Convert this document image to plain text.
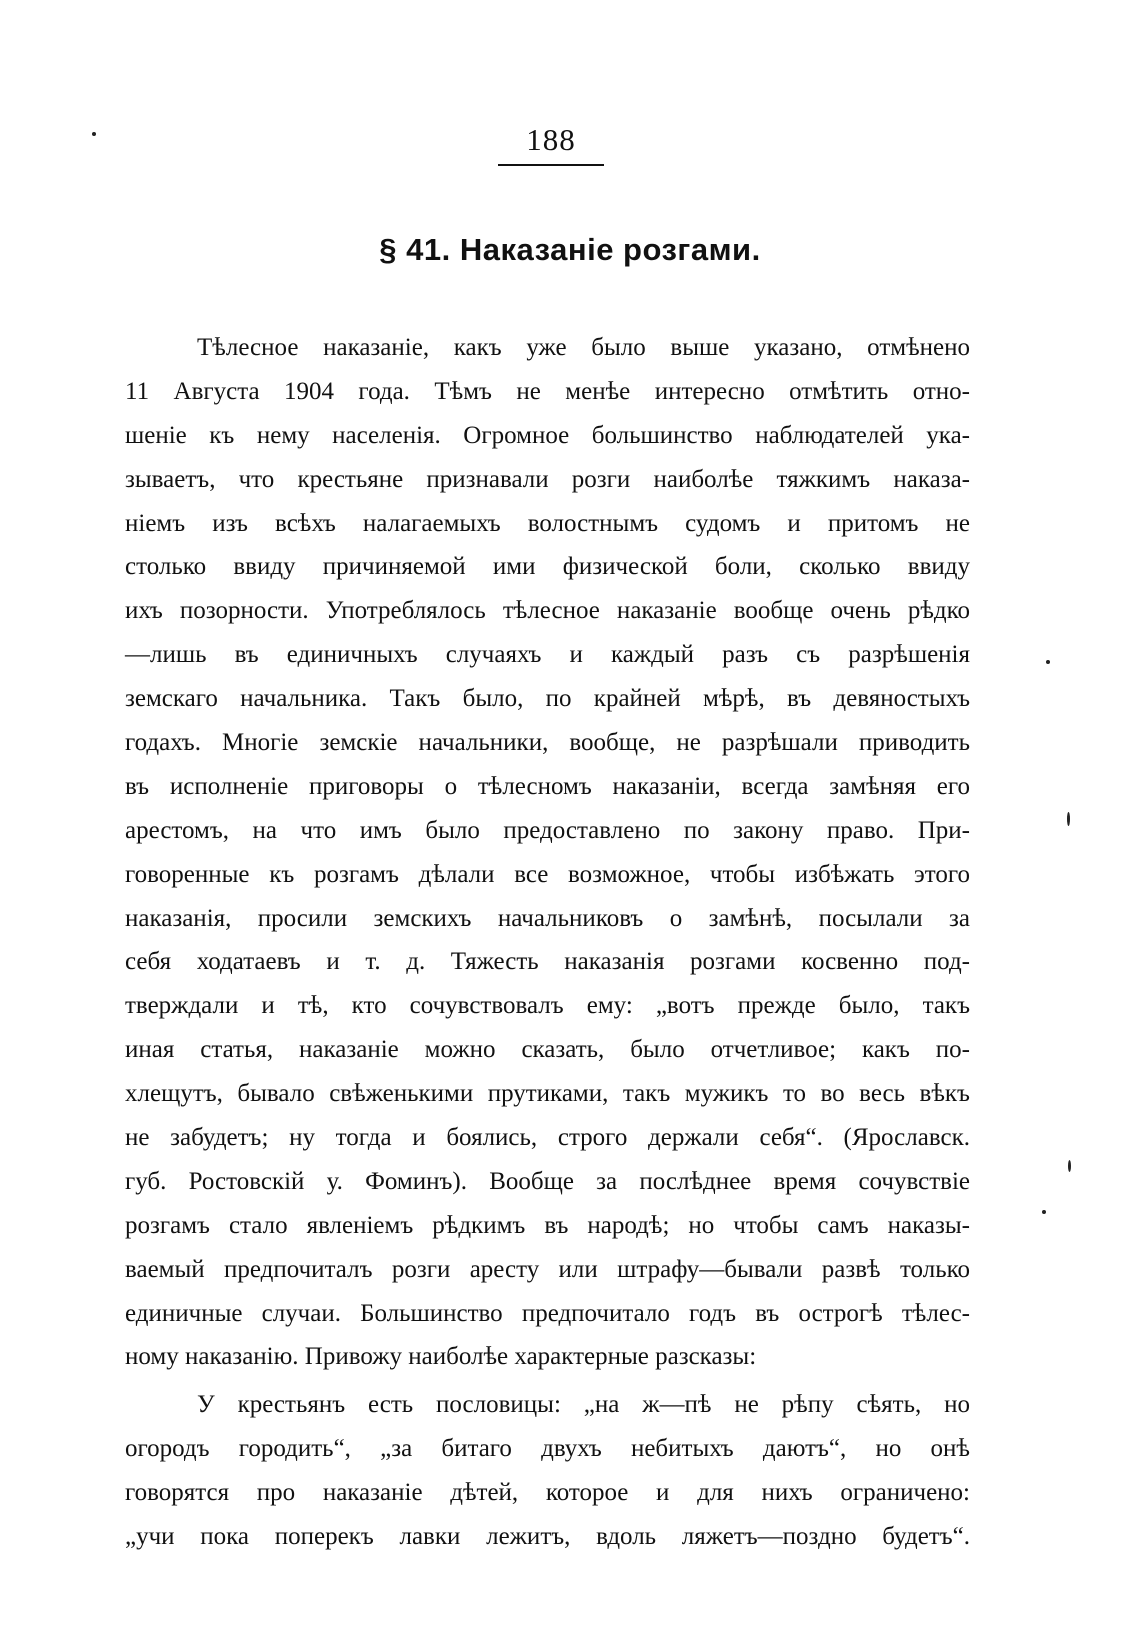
188
§ 41. Наказаніе розгами.
Тѣлесное наказаніе, какъ уже было выше указано, отмѣнено
11 Августа 1904 года. Тѣмъ не менѣе интересно отмѣтить отно-
шеніе къ нему населенія. Огромное большинство наблюдателей ука-
зываетъ, что крестьяне признавали розги наиболѣе тяжкимъ наказа-
ніемъ изъ всѣхъ налагаемыхъ волостнымъ судомъ и притомъ не
столько ввиду причиняемой ими физической боли, сколько ввиду
ихъ позорности. Употреблялось тѣлесное наказаніе вообще очень рѣдко
—лишь въ единичныхъ случаяхъ и каждый разъ съ разрѣшенія
земскаго начальника. Такъ было, по крайней мѣрѣ, въ девяностыхъ
годахъ. Многіе земскіе начальники, вообще, не разрѣшали приводить
въ исполненіе приговоры о тѣлесномъ наказаніи, всегда замѣняя его
арестомъ, на что имъ было предоставлено по закону право. При-
говоренные къ розгамъ дѣлали все возможное, чтобы избѣжать этого
наказанія, просили земскихъ начальниковъ о замѣнѣ, посылали за
себя ходатаевъ и т. д. Тяжесть наказанія розгами косвенно под-
тверждали и тѣ, кто сочувствовалъ ему: „вотъ прежде было, такъ
иная статья, наказаніе можно сказать, было отчетливое; какъ по-
хлещутъ, бывало свѣженькими прутиками, такъ мужикъ то во весь вѣкъ
не забудетъ; ну тогда и боялись, строго держали себя“. (Ярославск.
губ. Ростовскій у. Фоминъ). Вообще за послѣднее время сочувствіе
розгамъ стало явленіемъ рѣдкимъ въ народѣ; но чтобы самъ наказы-
ваемый предпочиталъ розги аресту или штрафу—бывали развѣ только
единичные случаи. Большинство предпочитало годъ въ острогѣ тѣлес-
ному наказанію. Привожу наиболѣе характерные разсказы:
У крестьянъ есть пословицы: „на ж—пѣ не рѣпу сѣять, но
огородъ городить“, „за битаго двухъ небитыхъ даютъ“, но онѣ
говорятся про наказаніе дѣтей, которое и для нихъ ограничено:
„учи пока поперекъ лавки лежитъ, вдоль ляжетъ—поздно будетъ“.
